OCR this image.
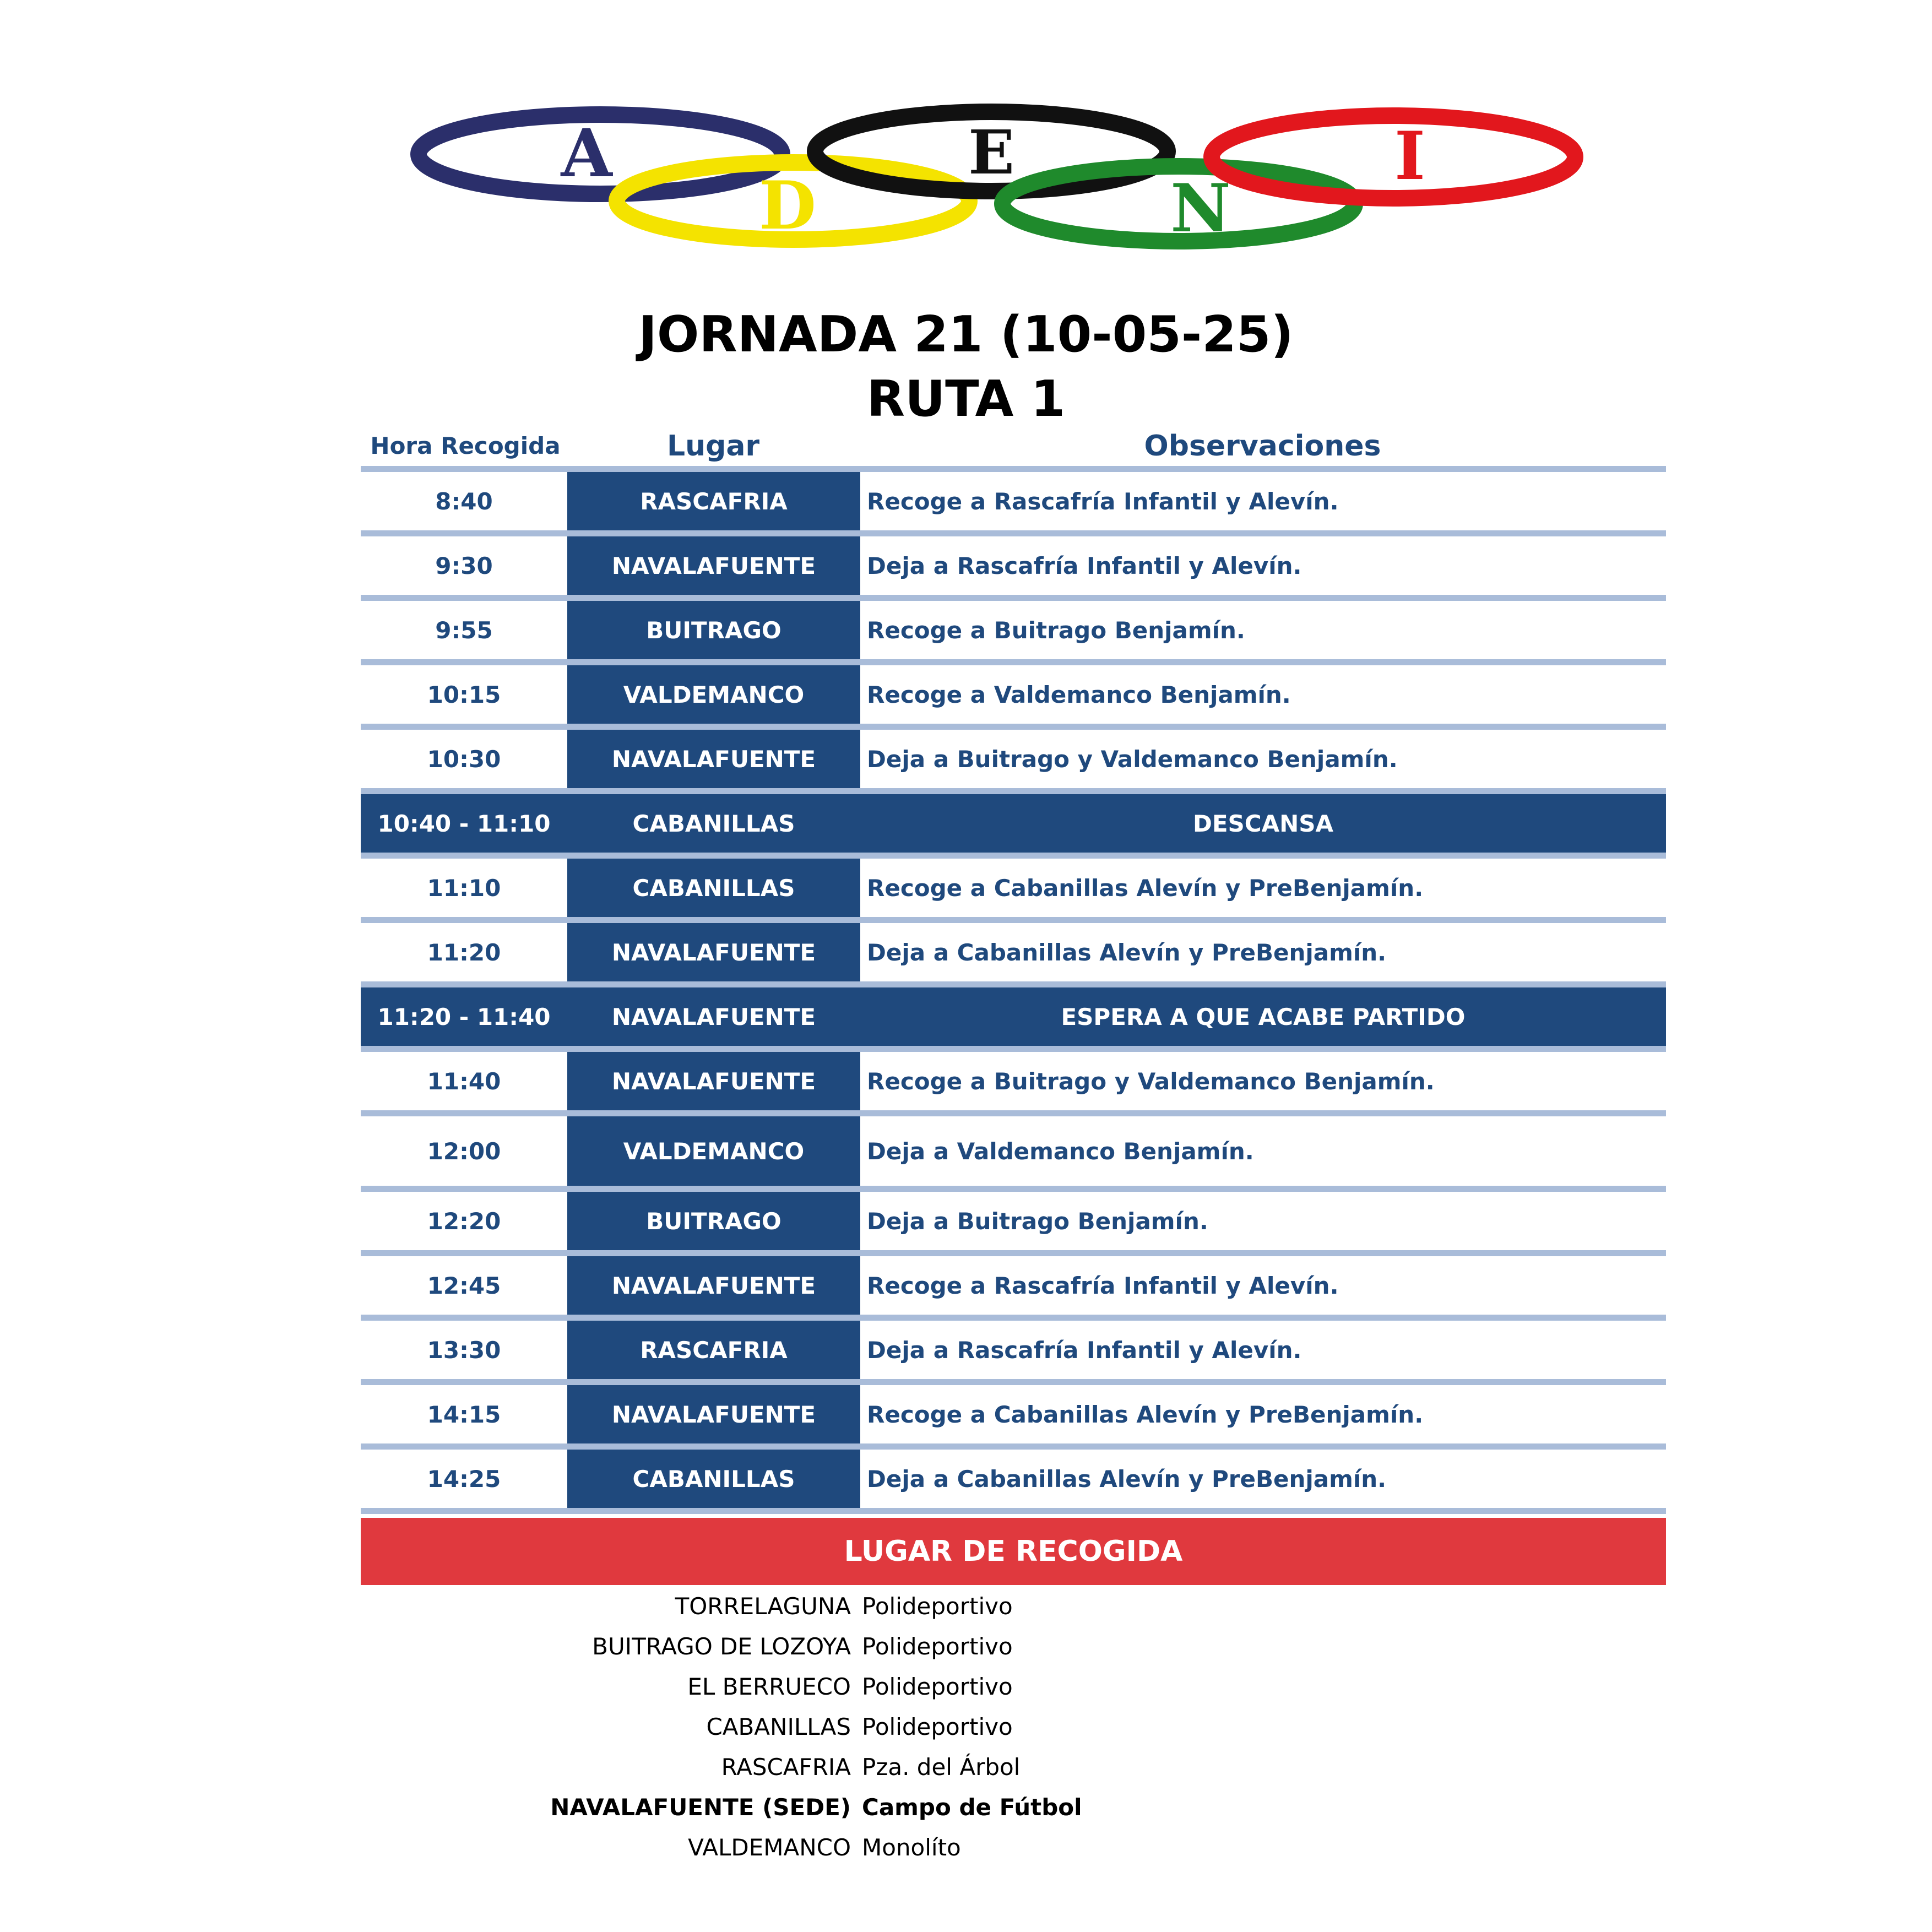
A
D
E
N
I
JORNADA 21 (10-05-25)
RUTA 1
Hora Recogida	Lugar	Observaciones
8:40	RASCAFRIA	Recoge a Rascafría Infantil y Alevín.
9:30	NAVALAFUENTE	Deja a Rascafría Infantil y Alevín.
9:55	BUITRAGO	Recoge a Buitrago Benjamín.
10:15	VALDEMANCO	Recoge a Valdemanco Benjamín.
10:30	NAVALAFUENTE	Deja a Buitrago y Valdemanco Benjamín.
10:40 - 11:10	CABANILLAS	DESCANSA
11:10	CABANILLAS	Recoge a Cabanillas Alevín y PreBenjamín.
11:20	NAVALAFUENTE	Deja a Cabanillas Alevín y PreBenjamín.
11:20 - 11:40	NAVALAFUENTE	ESPERA A QUE ACABE PARTIDO
11:40	NAVALAFUENTE	Recoge a Buitrago y Valdemanco Benjamín.
12:00	VALDEMANCO	Deja a Valdemanco Benjamín.
12:20	BUITRAGO	Deja a Buitrago Benjamín.
12:45	NAVALAFUENTE	Recoge a Rascafría Infantil y Alevín.
13:30	RASCAFRIA	Deja a Rascafría Infantil y Alevín.
14:15	NAVALAFUENTE	Recoge a Cabanillas Alevín y PreBenjamín.
14:25	CABANILLAS	Deja a Cabanillas Alevín y PreBenjamín.
LUGAR DE RECOGIDA
TORRELAGUNA Polideportivo
BUITRAGO DE LOZOYA Polideportivo
EL BERRUECO Polideportivo
CABANILLAS Polideportivo
RASCAFRIA Pza. del Árbol
NAVALAFUENTE (SEDE) Campo de Fútbol
VALDEMANCO Monolíto
